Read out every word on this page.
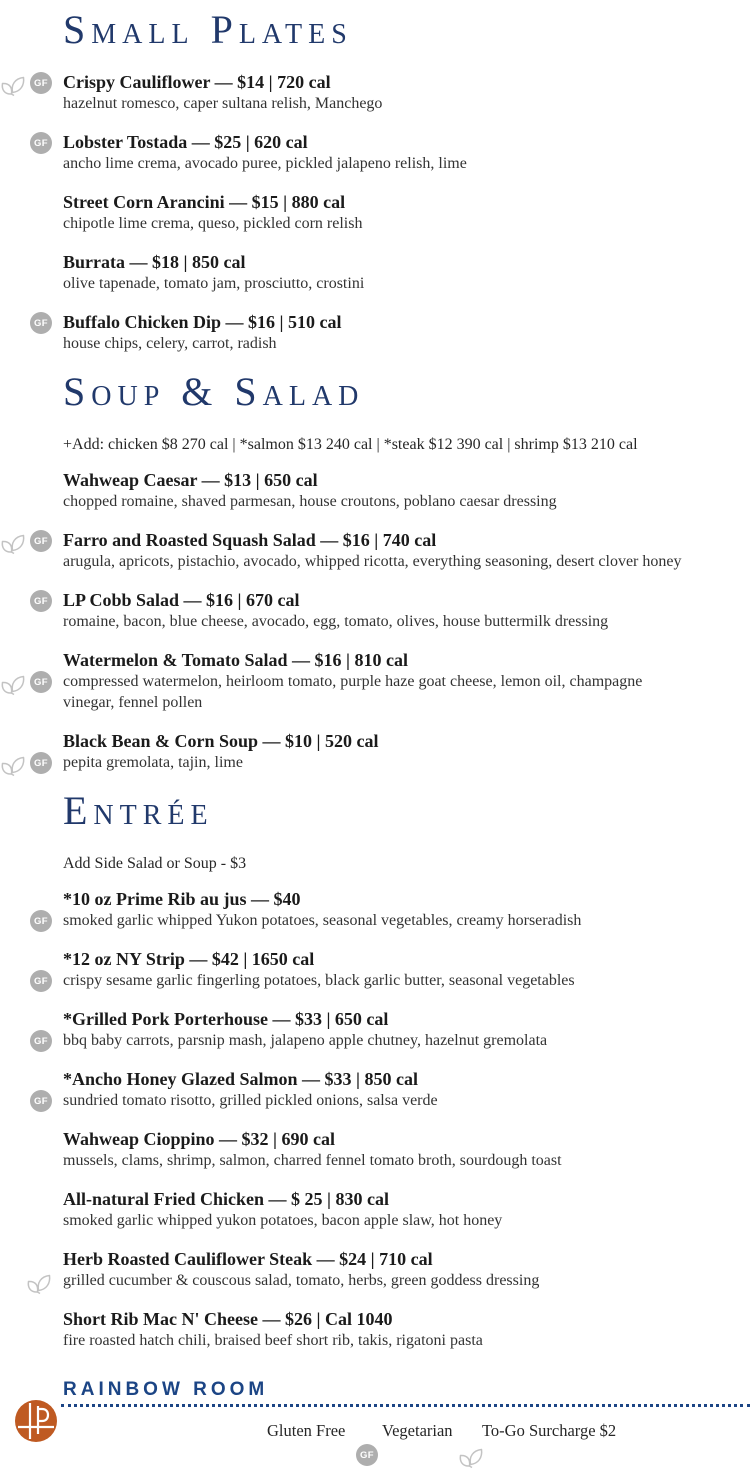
Small Plates
GF Crispy Cauliflower — $14 | 720 cal
hazelnut romesco, caper sultana relish, Manchego
GF Lobster Tostada — $25 | 620 cal
ancho lime crema, avocado puree, pickled jalapeno relish, lime
Street Corn Arancini — $15 | 880 cal
chipotle lime crema, queso, pickled corn relish
Burrata — $18 | 850 cal
olive tapenade, tomato jam, prosciutto, crostini
GF Buffalo Chicken Dip — $16 | 510 cal
house chips, celery, carrot, radish
Soup & Salad
+Add: chicken $8 270 cal | *salmon $13 240 cal | *steak $12 390 cal | shrimp $13 210 cal
Wahweap Caesar — $13 | 650 cal
chopped romaine, shaved parmesan, house croutons, poblano caesar dressing
GF Farro and Roasted Squash Salad — $16 | 740 cal
arugula, apricots, pistachio, avocado, whipped ricotta, everything seasoning, desert clover honey
GF LP Cobb Salad — $16 | 670 cal
romaine, bacon, blue cheese, avocado, egg, tomato, olives, house buttermilk dressing
GF
Watermelon & Tomato Salad — $16 | 810 cal
compressed watermelon, heirloom tomato, purple haze goat cheese, lemon oil, champagne vinegar, fennel pollen
GF
Black Bean & Corn Soup — $10 | 520 cal
pepita gremolata, tajin, lime
Entrée
Add Side Salad or Soup - $3
GF
*10 oz Prime Rib au jus — $40
smoked garlic whipped Yukon potatoes, seasonal vegetables, creamy horseradish
GF
*12 oz NY Strip — $42 | 1650 cal
crispy sesame garlic fingerling potatoes, black garlic butter, seasonal vegetables
GF
*Grilled Pork Porterhouse — $33 | 650 cal
bbq baby carrots, parsnip mash, jalapeno apple chutney, hazelnut gremolata
GF
*Ancho Honey Glazed Salmon — $33 | 850 cal
sundried tomato risotto, grilled pickled onions, salsa verde
Wahweap Cioppino — $32 | 690 cal
mussels, clams, shrimp, salmon, charred fennel tomato broth, sourdough toast
All-natural Fried Chicken — $ 25 | 830 cal
smoked garlic whipped yukon potatoes, bacon apple slaw, hot honey
Herb Roasted Cauliflower Steak — $24 | 710 cal
grilled cucumber & couscous salad, tomato, herbs, green goddess dressing
Short Rib Mac N' Cheese — $26 | Cal 1040
fire roasted hatch chili, braised beef short rib, takis, rigatoni pasta
RAINBOW ROOM
Gluten Free Vegetarian To-Go Surcharge $2
GF
